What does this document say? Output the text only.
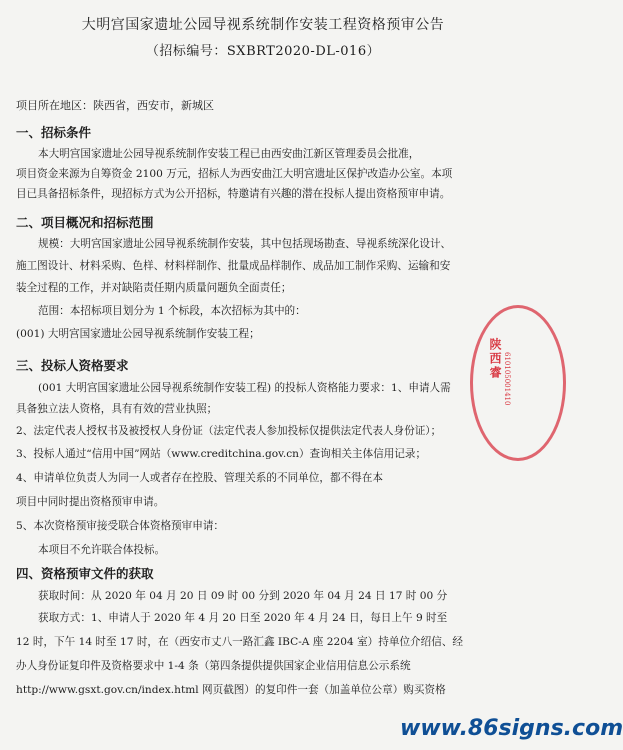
大明宫国家遗址公园导视系统制作安装工程资格预审公告
（招标编号：SXBRT2020-DL-016）
项目所在地区：陕西省，西安市，新城区
一、招标条件
本大明宫国家遗址公园导视系统制作安装工程已由西安曲江新区管理委员会批准，
项目资金来源为自筹资金 2100 万元，招标人为西安曲江大明宫遗址区保护改造办公室。本项
目已具备招标条件，现招标方式为公开招标，特邀请有兴趣的潜在投标人提出资格预审申请。
二、项目概况和招标范围
规模：大明宫国家遗址公园导视系统制作安装，其中包括现场勘查、导视系统深化设计、
施工图设计、材料采购、色样、材料样制作、批量成品样制作、成品加工制作采购、运输和安
装全过程的工作，并对缺陷责任期内质量问题负全面责任；
范围：本招标项目划分为 1 个标段，本次招标为其中的：
(001) 大明宫国家遗址公园导视系统制作安装工程；
三、投标人资格要求
(001 大明宫国家遗址公园导视系统制作安装工程) 的投标人资格能力要求：1、申请人需
具备独立法人资格，具有有效的营业执照；
2、法定代表人授权书及被授权人身份证（法定代表人参加投标仅提供法定代表人身份证）；
3、投标人通过“信用中国”网站（www.creditchina.gov.cn）查询相关主体信用记录；
4、申请单位负责人为同一人或者存在控股、管理关系的不同单位，都不得在本
项目中同时提出资格预审申请。
5、本次资格预审接受联合体资格预审申请：
本项目不允许联合体投标。
四、资格预审文件的获取
获取时间：从 2020 年 04 月 20 日 09 时 00 分到 2020 年 04 月 24 日 17 时 00 分
获取方式：1、申请人于 2020 年 4 月 20 日至 2020 年 4 月 24 日，每日上午 9 时至
12 时，下午 14 时至 17 时，在（西安市丈八一路汇鑫 IBC-A 座 2204 室）持单位介绍信、经
办人身份证复印件及资格要求中 1-4 条（第四条提供提供国家企业信用信息公示系统
http://www.gsxt.gov.cn/index.html 网页截图）的复印件一套（加盖单位公章）购买资格
陕西睿 610105001410
www.86signs.com
